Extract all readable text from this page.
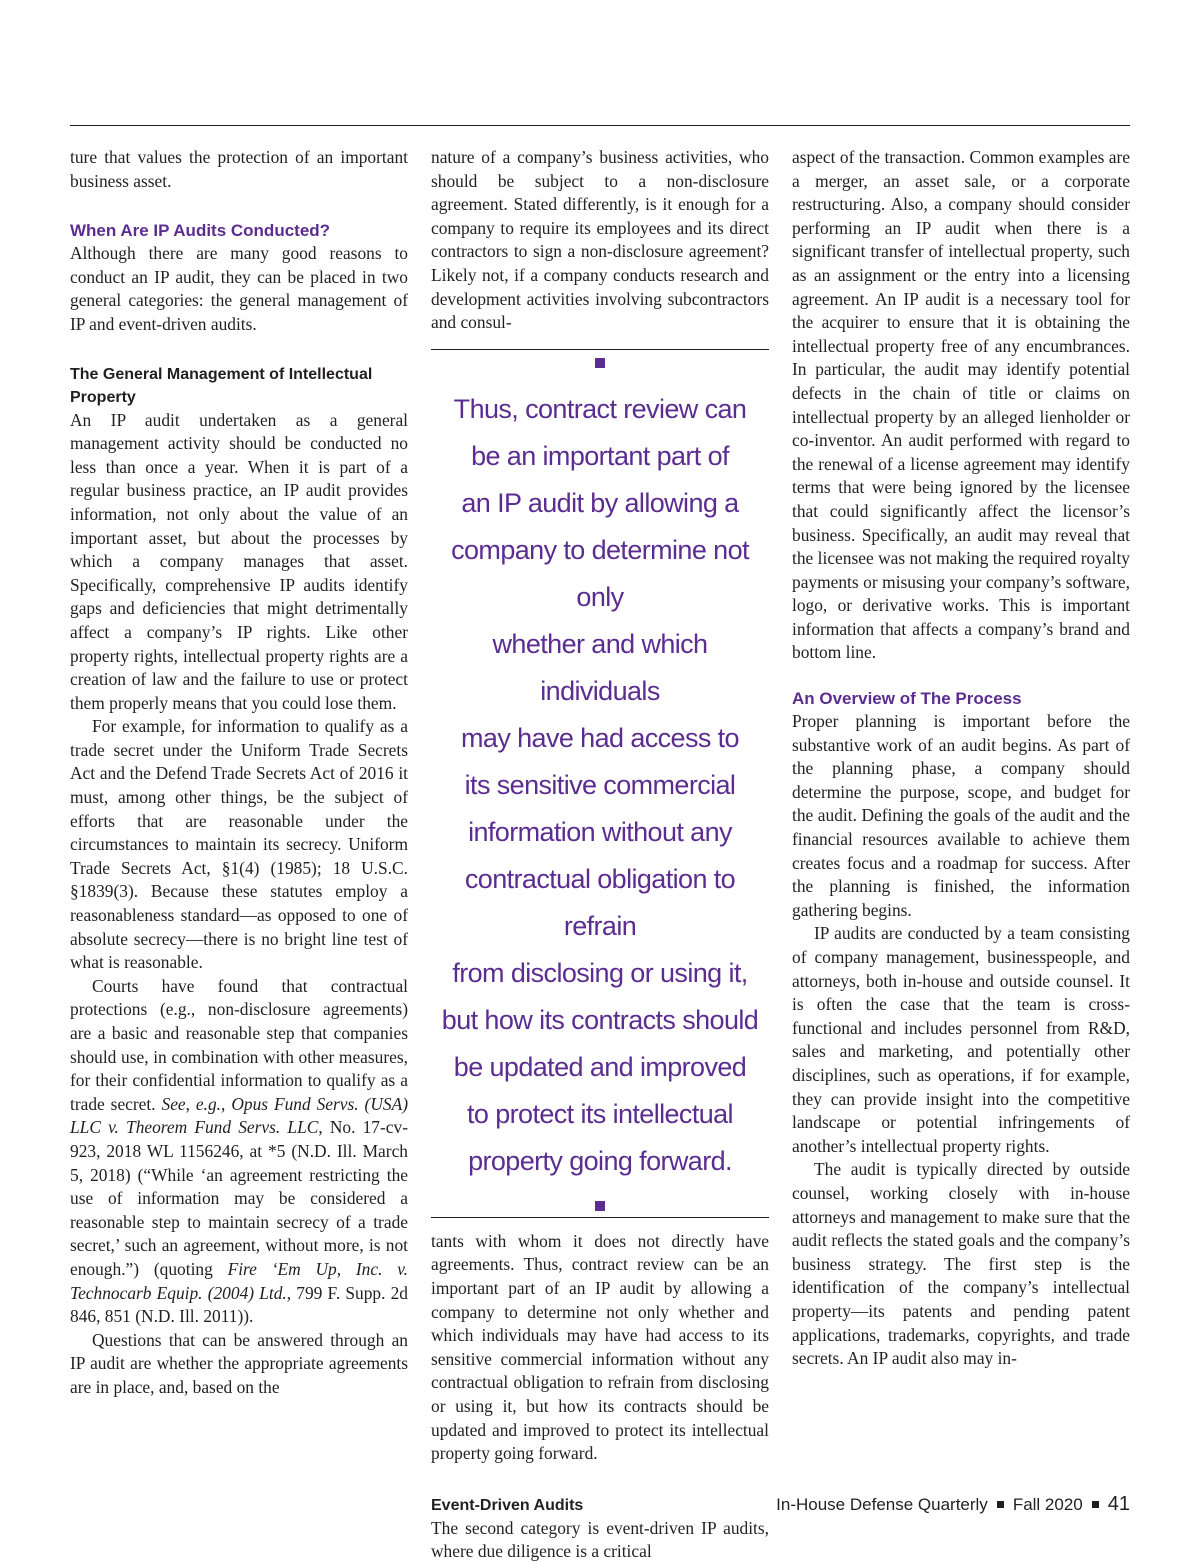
ture that values the protection of an important business asset.

When Are IP Audits Conducted?

Although there are many good reasons to conduct an IP audit, they can be placed in two general categories: the general management of IP and event-driven audits.

The General Management of Intellectual Property

An IP audit undertaken as a general management activity should be conducted no less than once a year. When it is part of a regular business practice, an IP audit provides information, not only about the value of an important asset, but about the processes by which a company manages that asset. Specifically, comprehensive IP audits identify gaps and deficiencies that might detrimentally affect a company’s IP rights. Like other property rights, intellectual property rights are a creation of law and the failure to use or protect them properly means that you could lose them.

For example, for information to qualify as a trade secret under the Uniform Trade Secrets Act and the Defend Trade Secrets Act of 2016 it must, among other things, be the subject of efforts that are reasonable under the circumstances to maintain its secrecy. Uniform Trade Secrets Act, §1(4) (1985); 18 U.S.C. §1839(3). Because these statutes employ a reasonableness standard—as opposed to one of absolute secrecy—there is no bright line test of what is reasonable.

Courts have found that contractual protections (e.g., non-disclosure agreements) are a basic and reasonable step that companies should use, in combination with other measures, for their confidential information to qualify as a trade secret. See, e.g., Opus Fund Servs. (USA) LLC v. Theorem Fund Servs. LLC, No. 17-cv-923, 2018 WL 1156246, at *5 (N.D. Ill. March 5, 2018) (“While ‘an agreement restricting the use of information may be considered a reasonable step to maintain secrecy of a trade secret,’ such an agreement, without more, is not enough.”) (quoting Fire ‘Em Up, Inc. v. Technocarb Equip. (2004) Ltd., 799 F. Supp. 2d 846, 851 (N.D. Ill. 2011)).

Questions that can be answered through an IP audit are whether the appropriate agreements are in place, and, based on the

nature of a company’s business activities, who should be subject to a non-disclosure agreement. Stated differently, is it enough for a company to require its employees and its direct contractors to sign a non-disclosure agreement? Likely not, if a company conducts research and development activities involving subcontractors and consul-

Thus, contract review can

be an important part of

an IP audit by allowing a

company to determine not only

whether and which individuals

may have had access to

its sensitive commercial

information without any

contractual obligation to refrain

from disclosing or using it,

but how its contracts should

be updated and improved

to protect its intellectual

property going forward.

tants with whom it does not directly have agreements. Thus, contract review can be an important part of an IP audit by allowing a company to determine not only whether and which individuals may have had access to its sensitive commercial information without any contractual obligation to refrain from disclosing or using it, but how its contracts should be updated and improved to protect its intellectual property going forward.

Event-Driven Audits

The second category is event-driven IP audits, where due diligence is a critical

aspect of the transaction. Common examples are a merger, an asset sale, or a corporate restructuring. Also, a company should consider performing an IP audit when there is a significant transfer of intellectual property, such as an assignment or the entry into a licensing agreement. An IP audit is a necessary tool for the acquirer to ensure that it is obtaining the intellectual property free of any encumbrances. In particular, the audit may identify potential defects in the chain of title or claims on intellectual property by an alleged lienholder or co-inventor. An audit performed with regard to the renewal of a license agreement may identify terms that were being ignored by the licensee that could significantly affect the licensor’s business. Specifically, an audit may reveal that the licensee was not making the required royalty payments or misusing your company’s software, logo, or derivative works. This is important information that affects a company’s brand and bottom line.

An Overview of The Process

Proper planning is important before the substantive work of an audit begins. As part of the planning phase, a company should determine the purpose, scope, and budget for the audit. Defining the goals of the audit and the financial resources available to achieve them creates focus and a roadmap for success. After the planning is finished, the information gathering begins.

IP audits are conducted by a team consisting of company management, businesspeople, and attorneys, both in-house and outside counsel. It is often the case that the team is cross-functional and includes personnel from R&D, sales and marketing, and potentially other disciplines, such as operations, if for example, they can provide insight into the competitive landscape or potential infringements of another’s intellectual property rights.

The audit is typically directed by outside counsel, working closely with in-house attorneys and management to make sure that the audit reflects the stated goals and the company’s business strategy. The first step is the identification of the company’s intellectual property—its patents and pending patent applications, trademarks, copyrights, and trade secrets. An IP audit also may in-

In-House Defense Quarterly Fall 2020 41
